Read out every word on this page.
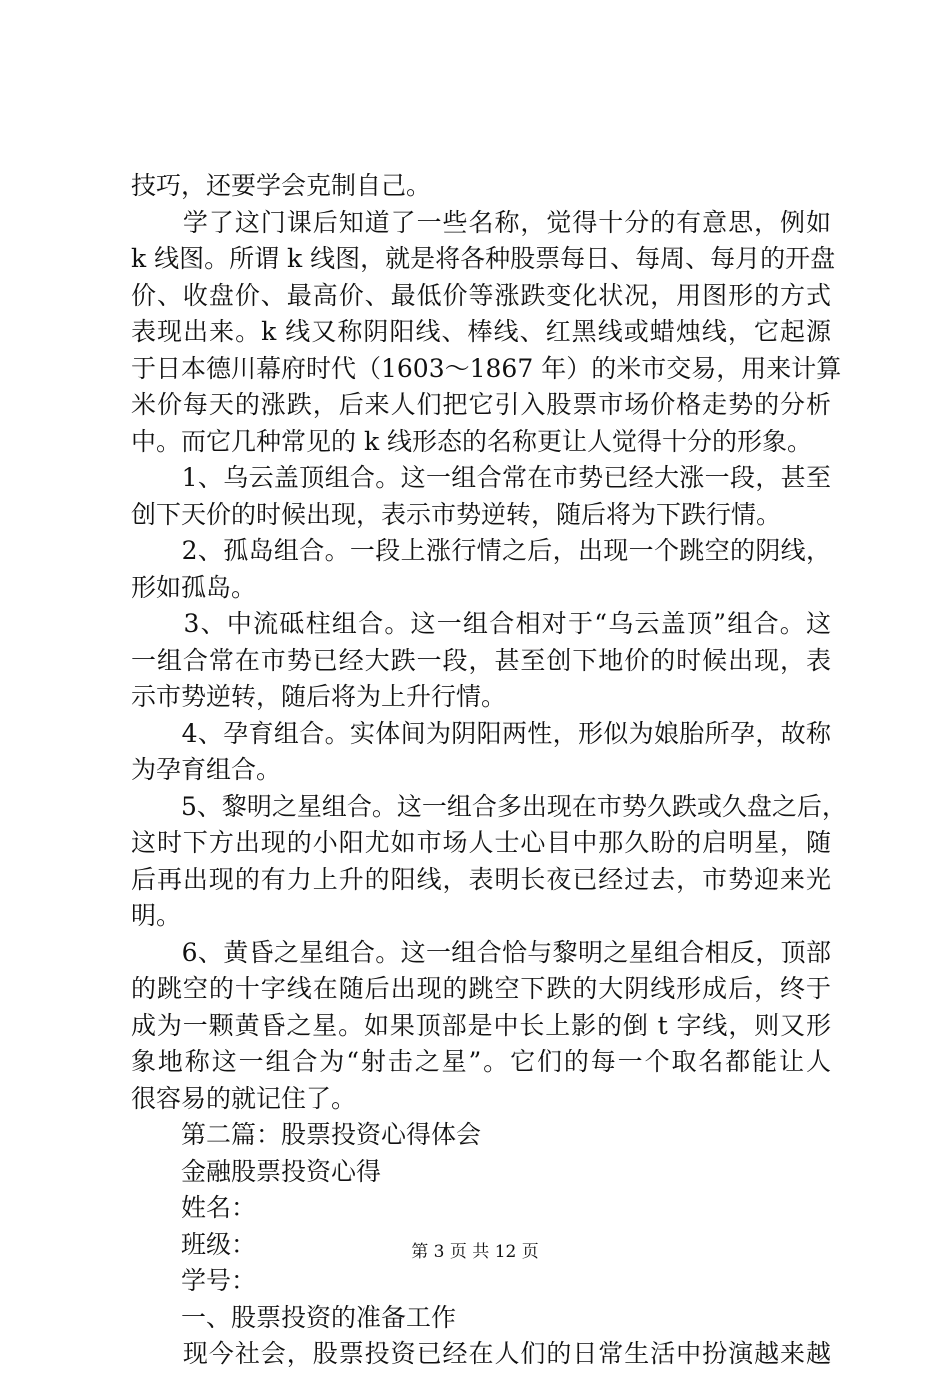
技巧，还要学会克制自己。
　　学了这门课后知道了一些名称，觉得十分的有意思，例如
k 线图。所谓 k 线图，就是将各种股票每日、每周、每月的开盘
价、收盘价、最高价、最低价等涨跌变化状况，用图形的方式
表现出来。k 线又称阴阳线、棒线、红黑线或蜡烛线，它起源
于日本德川幕府时代（1603～1867 年）的米市交易，用来计算
米价每天的涨跌，后来人们把它引入股票市场价格走势的分析
中。而它几种常见的 k 线形态的名称更让人觉得十分的形象。
　　1、乌云盖顶组合。这一组合常在市势已经大涨一段，甚至
创下天价的时候出现，表示市势逆转，随后将为下跌行情。
　　2、孤岛组合。一段上涨行情之后，出现一个跳空的阴线，
形如孤岛。
　　3、中流砥柱组合。这一组合相对于“乌云盖顶”组合。这
一组合常在市势已经大跌一段，甚至创下地价的时候出现，表
示市势逆转，随后将为上升行情。
　　4、孕育组合。实体间为阴阳两性，形似为娘胎所孕，故称
为孕育组合。
　　5、黎明之星组合。这一组合多出现在市势久跌或久盘之后，
这时下方出现的小阳尤如市场人士心目中那久盼的启明星，随
后再出现的有力上升的阳线，表明长夜已经过去，市势迎来光
明。
　　6、黄昏之星组合。这一组合恰与黎明之星组合相反，顶部
的跳空的十字线在随后出现的跳空下跌的大阴线形成后，终于
成为一颗黄昏之星。如果顶部是中长上影的倒 t 字线，则又形
象地称这一组合为“射击之星”。它们的每一个取名都能让人
很容易的就记住了。
　　第二篇：股票投资心得体会
　　金融股票投资心得
　　姓名：
　　班级：
　　学号：
　　一、股票投资的准备工作
　　现今社会，股票投资已经在人们的日常生活中扮演越来越
第 3 页 共 12 页
